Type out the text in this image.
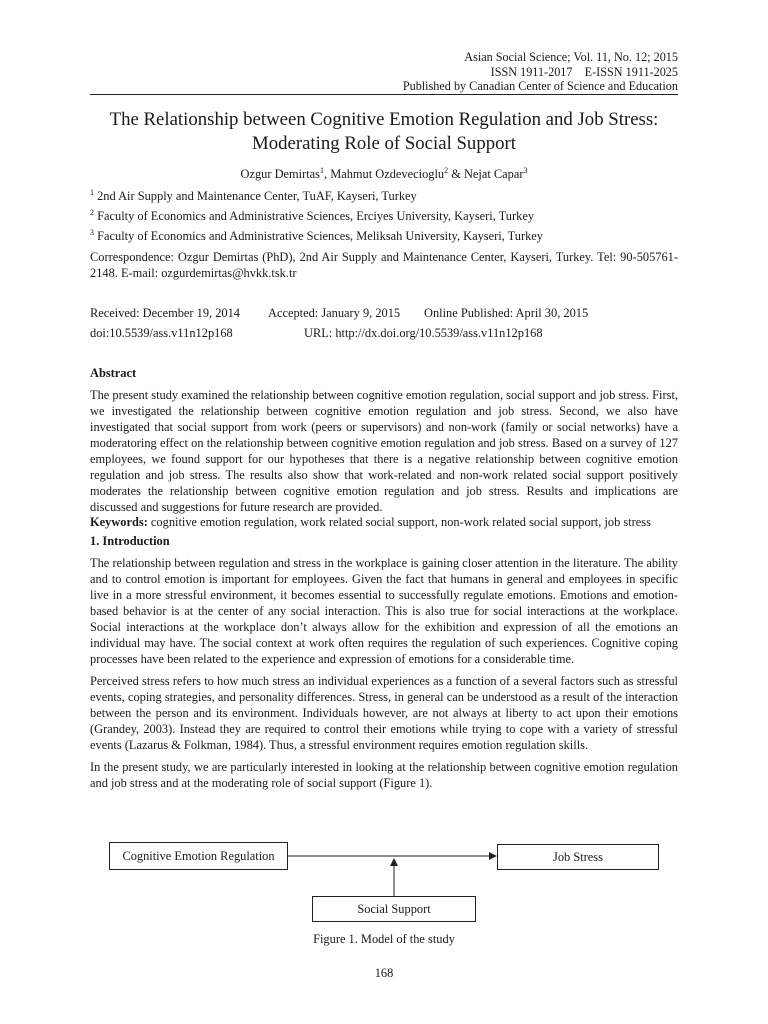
Asian Social Science; Vol. 11, No. 12; 2015
ISSN 1911-2017    E-ISSN 1911-2025
Published by Canadian Center of Science and Education
The Relationship between Cognitive Emotion Regulation and Job Stress: Moderating Role of Social Support
Ozgur Demirtas$^1$, Mahmut Ozdevecioglu$^2$ & Nejat Capar$^3$
$^1$ 2nd Air Supply and Maintenance Center, TuAF, Kayseri, Turkey
$^2$ Faculty of Economics and Administrative Sciences, Erciyes University, Kayseri, Turkey
$^3$ Faculty of Economics and Administrative Sciences, Meliksah University, Kayseri, Turkey
Correspondence: Ozgur Demirtas (PhD), 2nd Air Supply and Maintenance Center, Kayseri, Turkey. Tel: 90-505761-2148. E-mail: ozgurdemirtas@hvkk.tsk.tr
Received: December 19, 2014 Accepted: January 9, 2015 Online Published: April 30, 2015
doi:10.5539/ass.v11n12p168	URL: http://dx.doi.org/10.5539/ass.v11n12p168
Abstract

The present study examined the relationship between cognitive emotion regulation, social support and job stress. First, we investigated the relationship between cognitive emotion regulation and job stress. Second, we also have investigated that social support from work (peers or supervisors) and non-work (family or social networks) have a moderatoring effect on the relationship between cognitive emotion regulation and job stress. Based on a survey of 127 employees, we found support for our hypotheses that there is a negative relationship between cognitive emotion regulation and job stress. The results also show that work-related and non-work related social support positively moderates the relationship between cognitive emotion regulation and job stress. Results and implications are discussed and suggestions for future research are provided.

Keywords: cognitive emotion regulation, work related social support, non-work related social support, job stress
1. Introduction

The relationship between regulation and stress in the workplace is gaining closer attention in the literature. The ability and to control emotion is important for employees. Given the fact that humans in general and employees in specific live in a more stressful environment, it becomes essential to successfully regulate emotions. Emotions and emotion-based behavior is at the center of any social interaction. This is also true for social interactions at the workplace. Social interactions at the workplace don’t always allow for the exhibition and expression of all the emotions an individual may have. The social context at work often requires the regulation of such experiences. Cognitive coping processes have been related to the experience and expression of emotions for a considerable time.

Perceived stress refers to how much stress an individual experiences as a function of a several factors such as stressful events, coping strategies, and personality differences. Stress, in general can be understood as a result of the interaction between the person and its environment. Individuals however, are not always at liberty to act upon their emotions (Grandey, 2003). Instead they are required to control their emotions while trying to cope with a variety of stressful events (Lazarus & Folkman, 1984). Thus, a stressful environment requires emotion regulation skills.

In the present study, we are particularly interested in looking at the relationship between cognitive emotion regulation and job stress and at the moderating role of social support (Figure 1).

Cognitive Emotion Regulation	Job Stress
Social Support
Figure 1. Model of the study
168
